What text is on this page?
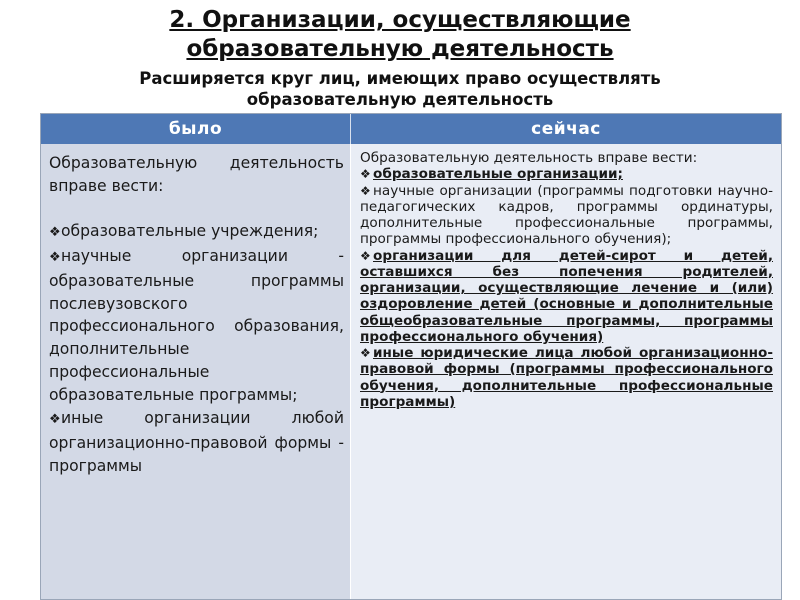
2. Организации, осуществляющие
образовательную деятельность
Расширяется круг лиц, имеющих право осуществлять
образовательную деятельность
было	сейчас

Образовательную деятельность вправе вести:

❖образовательные учреждения;

❖научные организации - образовательные программы послевузовского профессионального образования, дополнительные профессиональные образовательные программы;

❖иные организации любой организационно-правовой формы - программы

Образовательную деятельность вправе вести:

❖ образовательные организации;

❖ научные организации (программы подготовки научно-педагогических кадров, программы ординатуры, дополнительные профессиональные программы, программы профессионального обучения);

❖ организации для детей-сирот и детей, оставшихся без попечения родителей, организации, осуществляющие лечение и (или) оздоровление детей (основные и дополнительные общеобразовательные программы, программы профессионального обучения)

❖ иные юридические лица любой организационно-правовой формы (программы профессионального обучения, дополнительные профессиональные программы)
